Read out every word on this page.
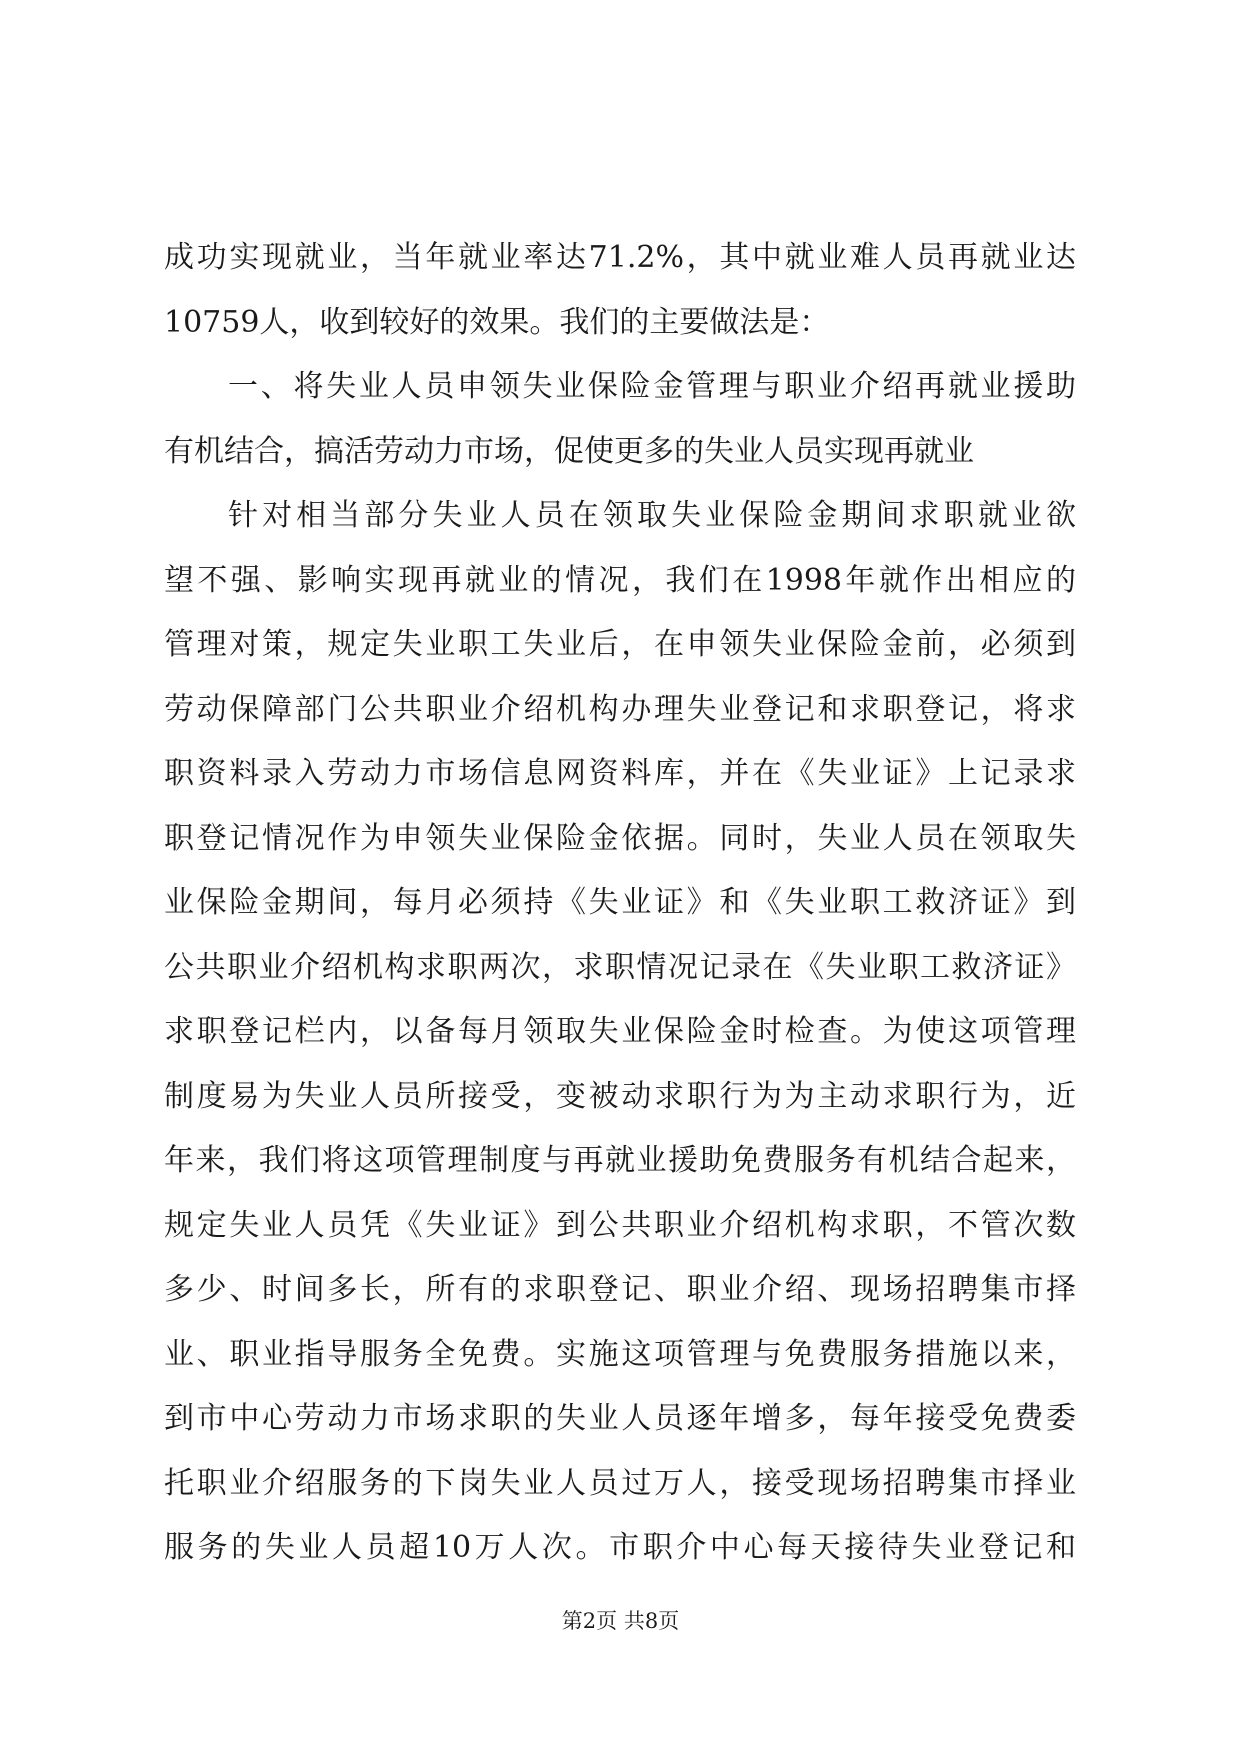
成功实现就业，当年就业率达71.2%，其中就业难人员再就业达
10759人，收到较好的效果。我们的主要做法是：
一、将失业人员申领失业保险金管理与职业介绍再就业援助
有机结合，搞活劳动力市场，促使更多的失业人员实现再就业
针对相当部分失业人员在领取失业保险金期间求职就业欲
望不强、影响实现再就业的情况，我们在1998年就作出相应的
管理对策，规定失业职工失业后，在申领失业保险金前，必须到
劳动保障部门公共职业介绍机构办理失业登记和求职登记，将求
职资料录入劳动力市场信息网资料库，并在《失业证》上记录求
职登记情况作为申领失业保险金依据。同时，失业人员在领取失
业保险金期间，每月必须持《失业证》和《失业职工救济证》到
公共职业介绍机构求职两次，求职情况记录在《失业职工救济证》
求职登记栏内，以备每月领取失业保险金时检查。为使这项管理
制度易为失业人员所接受，变被动求职行为为主动求职行为，近
年来，我们将这项管理制度与再就业援助免费服务有机结合起来，
规定失业人员凭《失业证》到公共职业介绍机构求职，不管次数
多少、时间多长，所有的求职登记、职业介绍、现场招聘集市择
业、职业指导服务全免费。实施这项管理与免费服务措施以来，
到市中心劳动力市场求职的失业人员逐年增多，每年接受免费委
托职业介绍服务的下岗失业人员过万人，接受现场招聘集市择业
服务的失业人员超10万人次。市职介中心每天接待失业登记和
第2页 共8页
